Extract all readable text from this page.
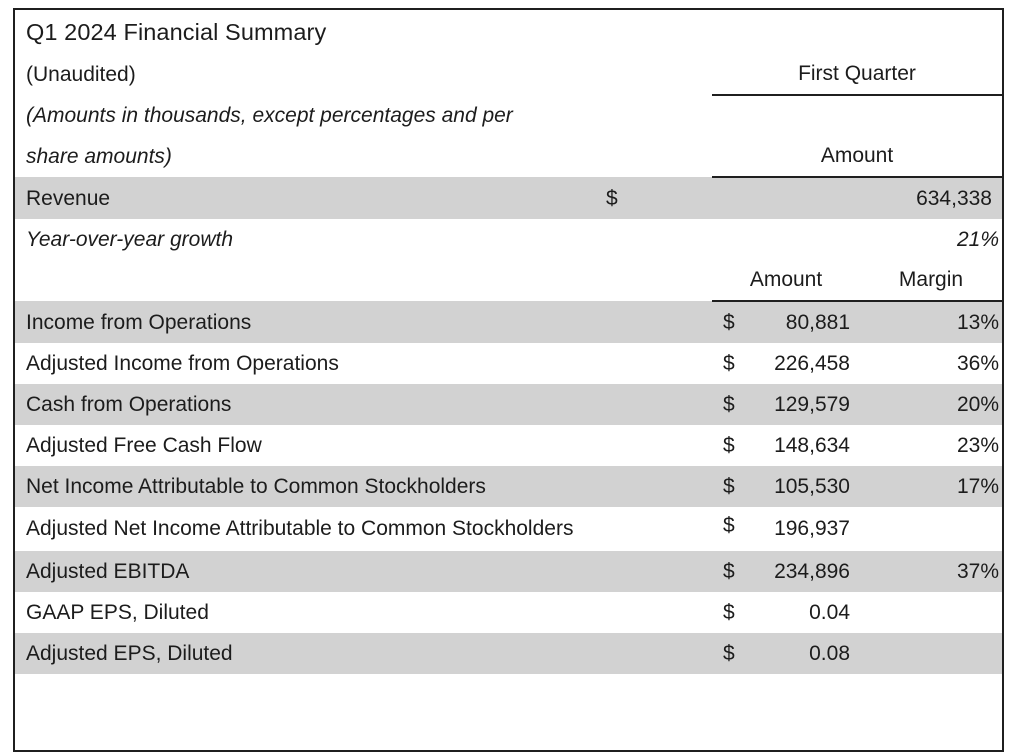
Q1 2024 Financial Summary		
(Unaudited)	First Quarter	
(Amounts in thousands, except percentages and per		
share amounts)	Amount	
Revenue	$ 634,338	
Year-over-year growth	21%	
	Amount	Margin
Income from Operations	$ 80,881	13%
Adjusted Income from Operations	$ 226,458	36%
Cash from Operations	$ 129,579	20%
Adjusted Free Cash Flow	$ 148,634	23%
Net Income Attributable to Common Stockholders	$ 105,530	17%
Adjusted Net Income Attributable to Common Stockholders	$ 196,937	
Adjusted EBITDA	$ 234,896	37%
GAAP EPS, Diluted	$ 0.04	
Adjusted EPS, Diluted	$ 0.08	
